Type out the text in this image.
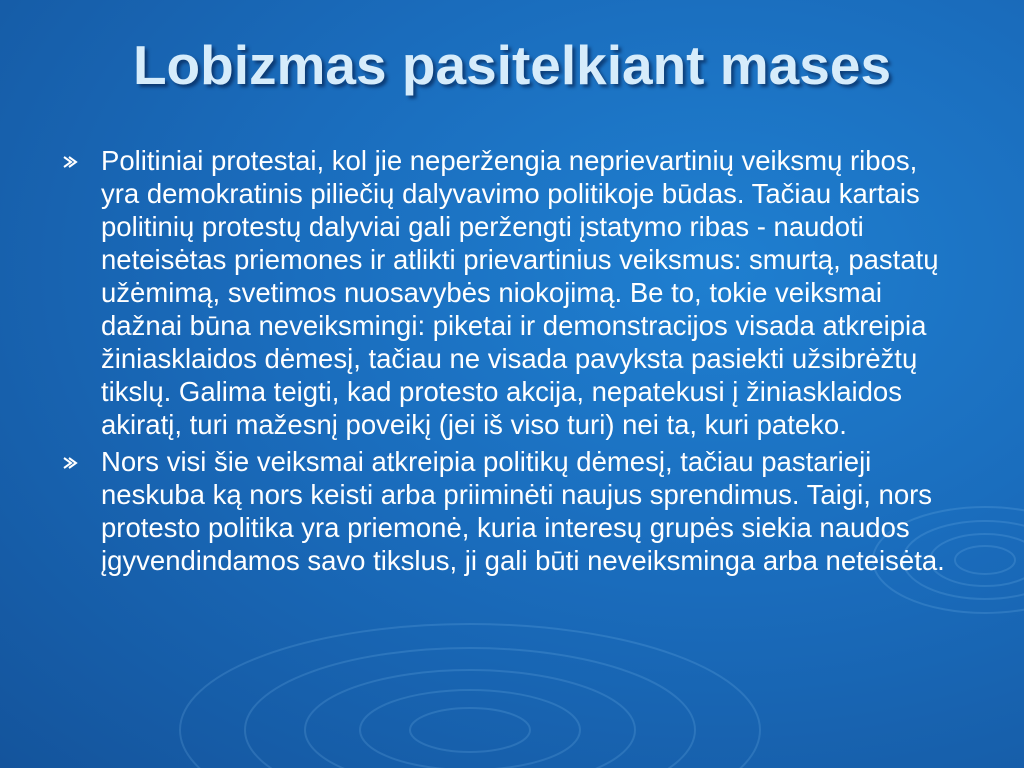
Lobizmas pasitelkiant mases
Politiniai protestai, kol jie neperžengia neprievartinių veiksmų ribos, yra demokratinis piliečių dalyvavimo politikoje būdas. Tačiau kartais politinių protestų dalyviai gali peržengti įstatymo ribas - naudoti neteisėtas priemones ir atlikti prievartinius veiksmus: smurtą, pastatų užėmimą, svetimos nuosavybės niokojimą. Be to, tokie veiksmai dažnai būna neveiksmingi: piketai ir demonstracijos visada atkreipia žiniasklaidos dėmesį, tačiau ne visada pavyksta pasiekti užsibrėžtų tikslų. Galima teigti, kad protesto akcija, nepatekusi į žiniasklaidos akiratį, turi mažesnį poveikį (jei iš viso turi) nei ta, kuri pateko.
Nors visi šie veiksmai atkreipia politikų dėmesį, tačiau pastarieji neskuba ką nors keisti arba priiminėti naujus sprendimus. Taigi, nors protesto politika yra priemonė, kuria interesų grupės siekia naudos įgyvendindamos savo tikslus, ji gali būti neveiksminga arba neteisėta.
